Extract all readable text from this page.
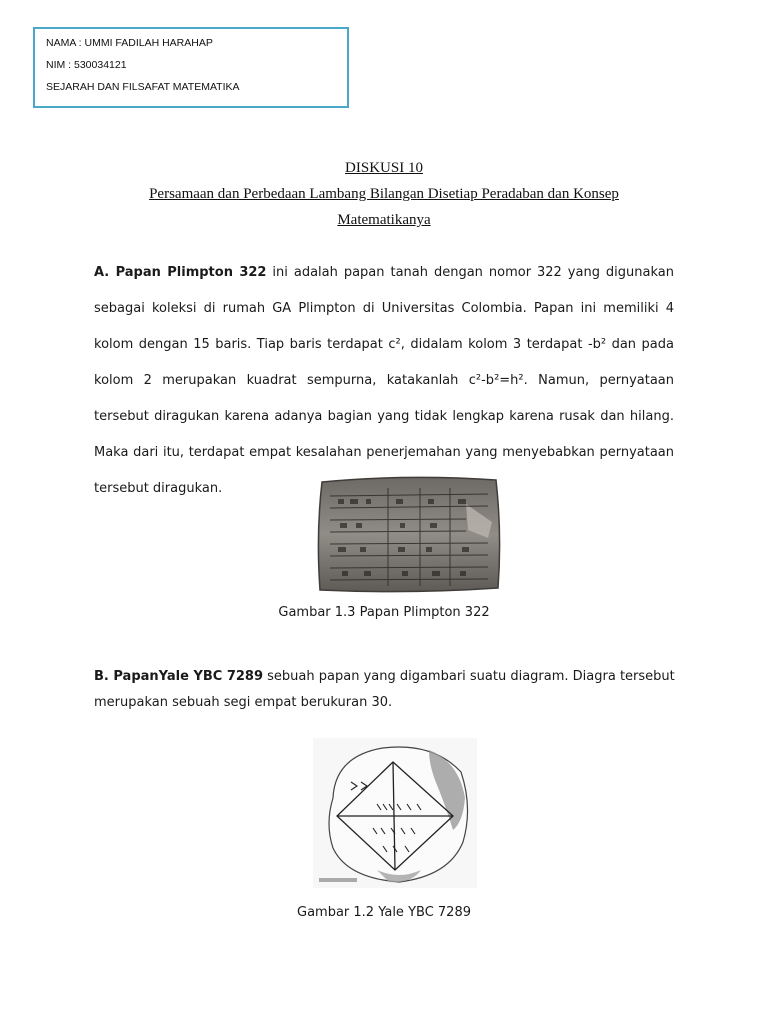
NAMA : UMMI FADILAH HARAHAP
NIM : 530034121
SEJARAH DAN FILSAFAT MATEMATIKA
DISKUSI 10
Persamaan dan Perbedaan Lambang Bilangan Disetiap Peradaban dan Konsep
Matematikanya
A. Papan Plimpton 322 ini adalah papan tanah dengan nomor 322 yang digunakan
sebagai koleksi di rumah GA Plimpton di Universitas Colombia. Papan ini memiliki 4
kolom dengan 15 baris. Tiap baris terdapat c², didalam kolom 3 terdapat -b² dan pada
kolom 2 merupakan kuadrat sempurna, katakanlah c²-b²=h². Namun, pernyataan
tersebut diragukan karena adanya bagian yang tidak lengkap karena rusak dan hilang.
Maka dari itu, terdapat empat kesalahan penerjemahan yang menyebabkan pernyataan
tersebut diragukan.
Gambar 1.3 Papan Plimpton 322
B. PapanYale YBC 7289 sebuah papan yang digambari suatu diagram. Diagra tersebut
merupakan sebuah segi empat berukuran 30.
Gambar 1.2 Yale YBC 7289
